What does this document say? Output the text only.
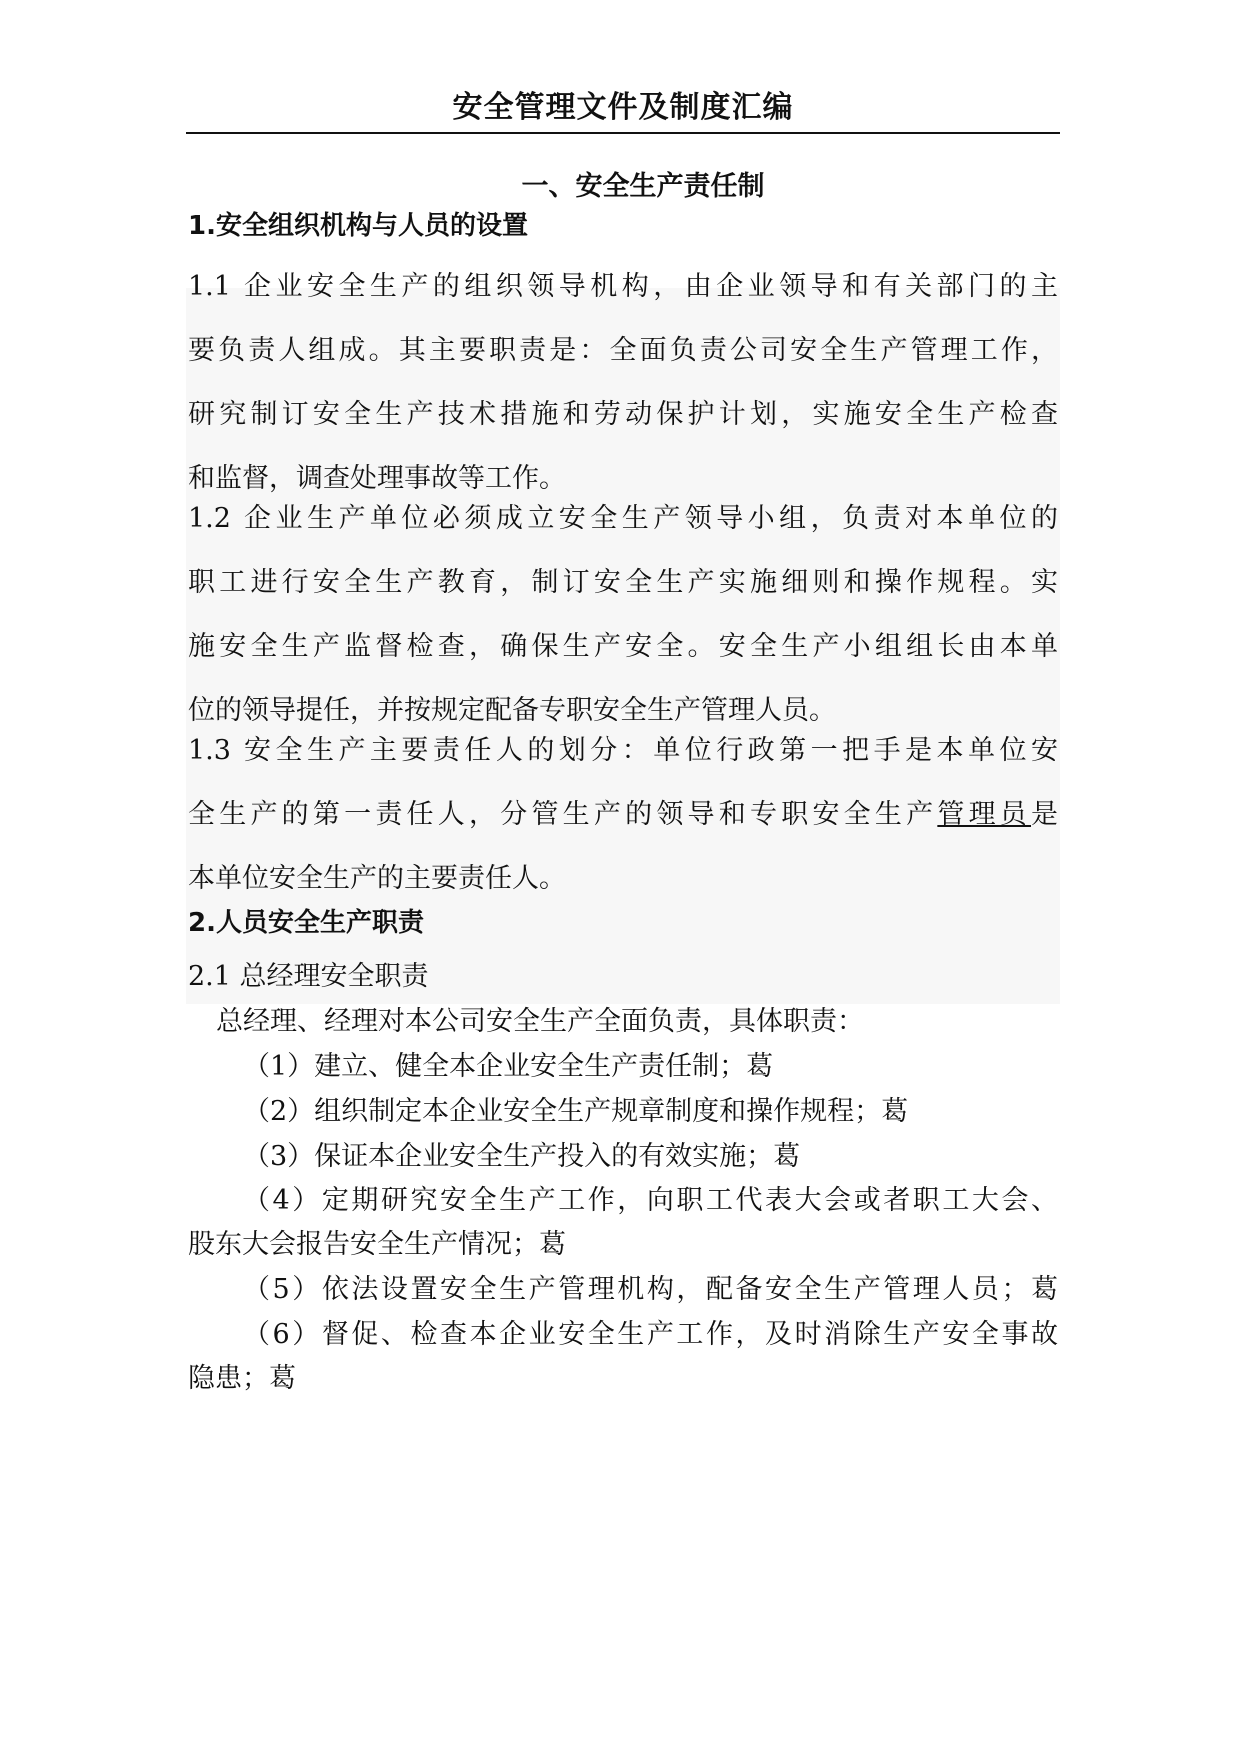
安全管理文件及制度汇编
一、安全生产责任制
1.安全组织机构与人员的设置
1.1 企业安全生产的组织领导机构，由企业领导和有关部门的主
要负责人组成。其主要职责是：全面负责公司安全生产管理工作，
研究制订安全生产技术措施和劳动保护计划，实施安全生产检查
和监督，调查处理事故等工作。
1.2 企业生产单位必须成立安全生产领导小组，负责对本单位的
职工进行安全生产教育，制订安全生产实施细则和操作规程。实
施安全生产监督检查，确保生产安全。安全生产小组组长由本单
位的领导提任，并按规定配备专职安全生产管理人员。
1.3 安全生产主要责任人的划分：单位行政第一把手是本单位安
全生产的第一责任人，分管生产的领导和专职安全生产管理员是
本单位安全生产的主要责任人。
2.人员安全生产职责
2.1 总经理安全职责
总经理、经理对本公司安全生产全面负责，具体职责：
（1）建立、健全本企业安全生产责任制；葛
（2）组织制定本企业安全生产规章制度和操作规程；葛
（3）保证本企业安全生产投入的有效实施；葛
（4）定期研究安全生产工作，向职工代表大会或者职工大会、
股东大会报告安全生产情况；葛
（5）依法设置安全生产管理机构，配备安全生产管理人员；葛
（6）督促、检查本企业安全生产工作，及时消除生产安全事故
隐患；葛
